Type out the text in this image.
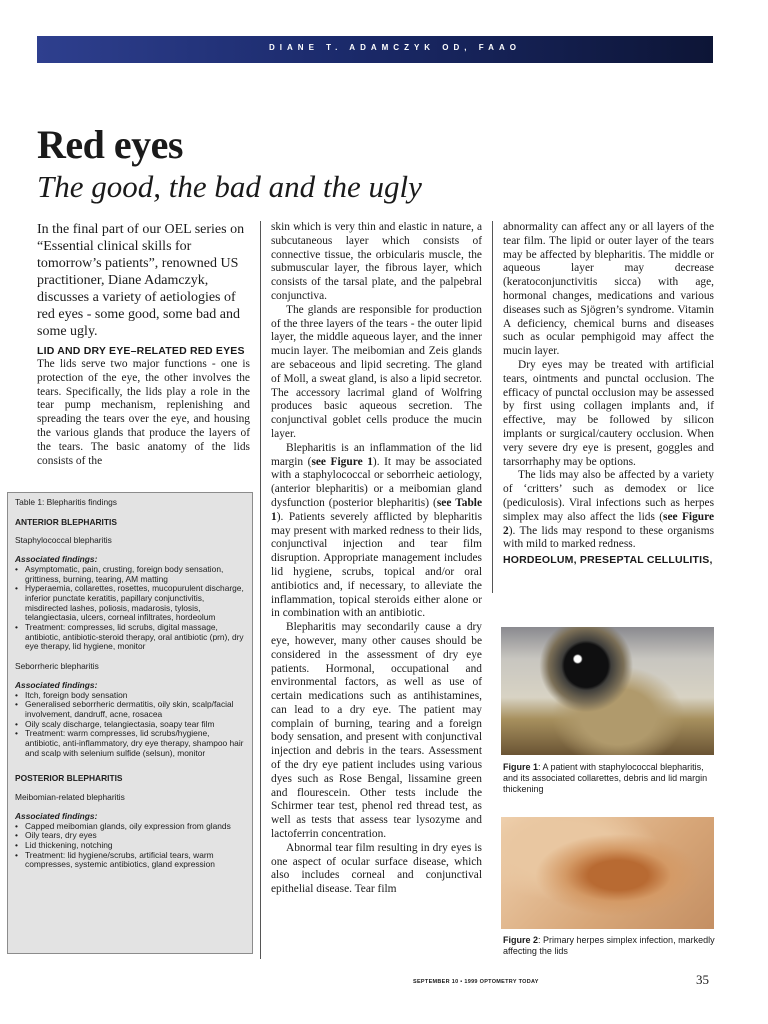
DIANE T. ADAMCZYK OD, FAAO
Red eyes
The good, the bad and the ugly
In the final part of our OEL series on “Essential clinical skills for tomorrow’s patients”, renowned US practitioner, Diane Adamczyk, discusses a variety of aetiologies of red eyes - some good, some bad and some ugly.
LID AND DRY EYE–RELATED RED EYES

The lids serve two major functions - one is protection of the eye, the other involves the tears. Specifically, the lids play a role in the tear pump mechanism, replenishing and spreading the tears over the eye, and housing the various glands that produce the layers of the tears. The basic anatomy of the lids consists of the

Table 1: Blepharitis findings
ANTERIOR BLEPHARITIS
Staphylococcal blepharitis
Associated findings:
• Asymptomatic, pain, crusting, foreign body sensation, grittiness, burning, tearing, AM matting
• Hyperaemia, collarettes, rosettes, mucopurulent discharge, inferior punctate keratitis, papillary conjunctivitis, misdirected lashes, poliosis, madarosis, tylosis, telangiectasia, ulcers, corneal infiltrates, hordeolum
• Treatment: compresses, lid scrubs, digital massage, antibiotic, antibiotic-steroid therapy, oral antibiotic (prn), dry eye therapy, lid hygiene, monitor
Seborrheric blepharitis
Associated findings:
• Itch, foreign body sensation
• Generalised seborrheric dermatitis, oily skin, scalp/facial involvement, dandruff, acne, rosacea
• Oily scaly discharge, telangiectasia, soapy tear film
• Treatment: warm compresses, lid scrubs/hygiene, antibiotic, anti-inflammatory, dry eye therapy, shampoo hair and scalp with selenium sulfide (selsun), monitor
POSTERIOR BLEPHARITIS
Meibomian-related blepharitis
Associated findings:
• Capped meibomian glands, oily expression from glands
• Oily tears, dry eyes
• Lid thickening, notching
• Treatment: lid hygiene/scrubs, artificial tears, warm compresses, systemic antibiotics, gland expression

skin which is very thin and elastic in nature, a subcutaneous layer which consists of connective tissue, the orbicularis muscle, the submuscular layer, the fibrous layer, which consists of the tarsal plate, and the palpebral conjunctiva.

The glands are responsible for production of the three layers of the tears - the outer lipid layer, the middle aqueous layer, and the inner mucin layer. The meibomian and Zeis glands are sebaceous and lipid secreting. The gland of Moll, a sweat gland, is also a lipid secretor. The accessory lacrimal gland of Wolfring produces basic aqueous secretion. The conjunctival goblet cells produce the mucin layer.

Blepharitis is an inflammation of the lid margin (see Figure 1). It may be associated with a staphylococcal or seborrheic aetiology, (anterior blepharitis) or a meibomian gland dysfunction (posterior blepharitis) (see Table 1). Patients severely afflicted by blepharitis may present with marked redness to their lids, conjunctival injection and tear film disruption. Appropriate management includes lid hygiene, scrubs, topical and/or oral antibiotics and, if necessary, to alleviate the inflammation, topical steroids either alone or in combination with an antibiotic.

Blepharitis may secondarily cause a dry eye, however, many other causes should be considered in the assessment of dry eye patients. Hormonal, occupational and environmental factors, as well as use of certain medications such as antihistamines, can lead to a dry eye. The patient may complain of burning, tearing and a foreign body sensation, and present with conjunctival injection and debris in the tears. Assessment of the dry eye patient includes using various dyes such as Rose Bengal, lissamine green and flourescein. Other tests include the Schirmer tear test, phenol red thread test, as well as tests that assess tear lysozyme and lactoferrin concentration.

Abnormal tear film resulting in dry eyes is one aspect of ocular surface disease, which also includes corneal and conjunctival epithelial disease. Tear film

abnormality can affect any or all layers of the tear film. The lipid or outer layer of the tears may be affected by blepharitis. The middle or aqueous layer may decrease (keratoconjunctivitis sicca) with age, hormonal changes, medications and various diseases such as Sjögren’s syndrome. Vitamin A deficiency, chemical burns and diseases such as ocular pemphigoid may affect the mucin layer.

Dry eyes may be treated with artificial tears, ointments and punctal occlusion. The efficacy of punctal occlusion may be assessed by first using collagen implants and, if effective, may be followed by silicon implants or surgical/cautery occlusion. When very severe dry eye is present, goggles and tarsorrhaphy may be options.

The lids may also be affected by a variety of ‘critters’ such as demodex or lice (pediculosis). Viral infections such as herpes simplex may also affect the lids (see Figure 2). The lids may respond to these organisms with mild to marked redness.

HORDEOLUM, PRESEPTAL CELLULITIS,
Figure 1: A patient with staphylococcal blepharitis, and its associated collarettes, debris and lid margin thickening
Figure 2: Primary herpes simplex infection, markedly affecting the lids
SEPTEMBER 10 • 1999 OPTOMETRY TODAY	35
